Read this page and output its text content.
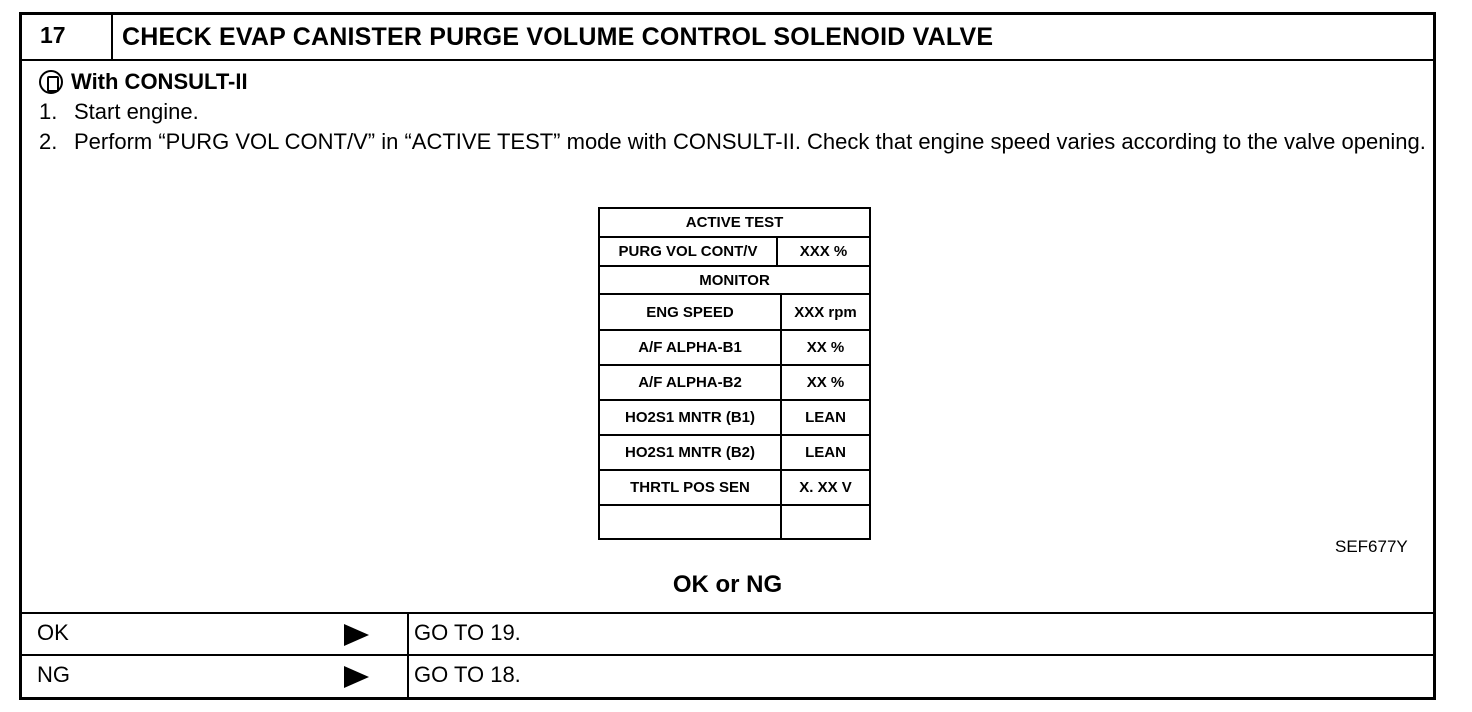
17	CHECK EVAP CANISTER PURGE VOLUME CONTROL SOLENOID VALVE
With CONSULT-II
1. Start engine.
2. Perform “PURG VOL CONT/V” in “ACTIVE TEST” mode with CONSULT-II. Check that engine speed varies according to the valve opening.
ACTIVE TEST
PURG VOL CONT/V	XXX %
MONITOR
ENG SPEED	XXX rpm
A/F ALPHA-B1	XX %
A/F ALPHA-B2	XX %
HO2S1 MNTR (B1)	LEAN
HO2S1 MNTR (B2)	LEAN
THRTL POS SEN	X. XX V
SEF677Y
OK or NG
OK	GO TO 19.
NG	GO TO 18.
